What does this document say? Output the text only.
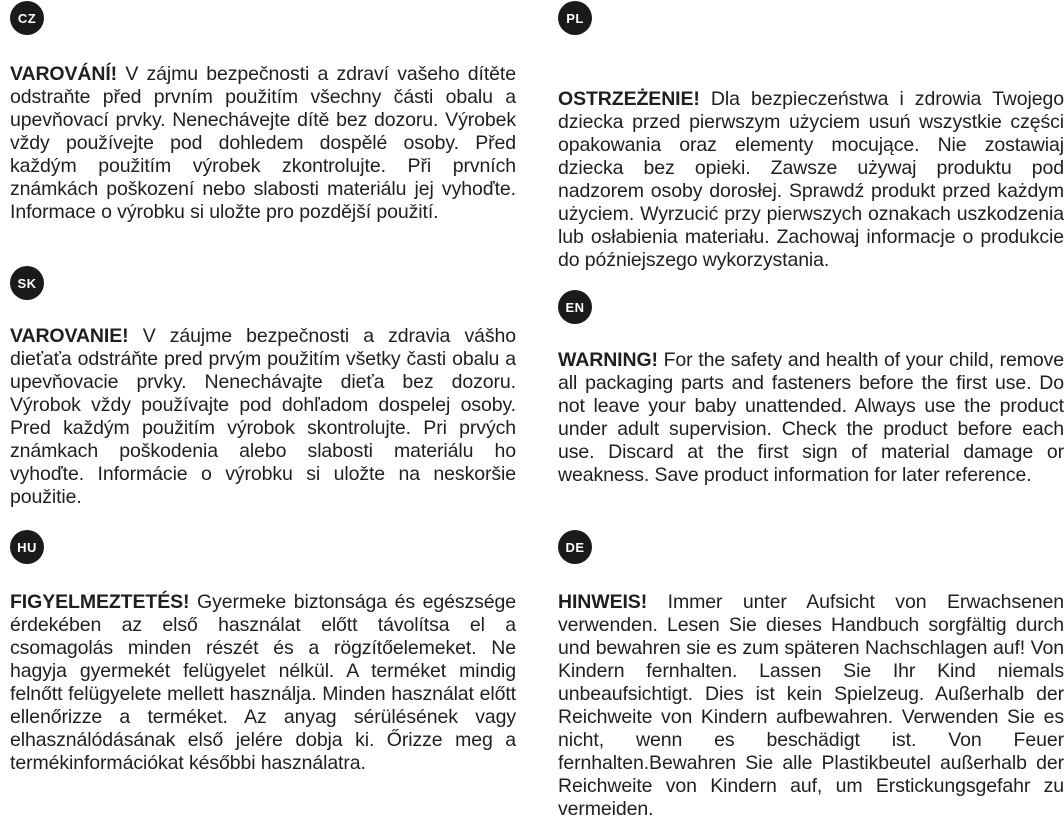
CZ
VAROVÁNÍ! V zájmu bezpečnosti a zdraví vašeho dítěte odstraňte před prvním použitím všechny části obalu a upevňovací prvky. Nenechávejte dítě bez dozoru. Výrobek vždy používejte pod dohledem dospělé osoby. Před každým použitím výrobek zkontrolujte. Při prvních známkách poškození nebo slabosti materiálu jej vyhoďte. Informace o výrobku si uložte pro pozdější použití.
SK
VAROVANIE! V záujme bezpečnosti a zdravia vášho dieťaťa odstráňte pred prvým použitím všetky časti obalu a upevňovacie prvky. Nenechávajte dieťa bez dozoru. Výrobok vždy používajte pod dohľadom dospelej osoby. Pred každým použitím výrobok skontrolujte. Pri prvých známkach poškodenia alebo slabosti materiálu ho vyhoďte. Informácie o výrobku si uložte na neskoršie použitie.
HU
FIGYELMEZTETÉS! Gyermeke biztonsága és egészsége érdekében az első használat előtt távolítsa el a csomagolás minden részét és a rögzítőelemeket. Ne hagyja gyermekét felügyelet nélkül. A terméket mindig felnőtt felügyelete mellett használja. Minden használat előtt ellenőrizze a terméket. Az anyag sérülésének vagy elhasználódásának első jelére dobja ki. Őrizze meg a termékinformációkat későbbi használatra.
PL
OSTRZEŻENIE! Dla bezpieczeństwa i zdrowia Twojego dziecka przed pierwszym użyciem usuń wszystkie części opakowania oraz elementy mocujące. Nie zostawiaj dziecka bez opieki. Zawsze używaj produktu pod nadzorem osoby dorosłej. Sprawdź produkt przed każdym użyciem. Wyrzucić przy pierwszych oznakach uszkodzenia lub osłabienia materiału. Zachowaj informacje o produkcie do późniejszego wykorzystania.
EN
WARNING! For the safety and health of your child, remove all packaging parts and fasteners before the first use. Do not leave your baby unattended. Always use the product under adult supervision. Check the product before each use. Discard at the first sign of material damage or weakness. Save product information for later reference.
DE
HINWEIS! Immer unter Aufsicht von Erwachsenen verwenden. Lesen Sie dieses Handbuch sorgfältig durch und bewahren sie es zum späteren Nachschlagen auf! Von Kindern fernhalten. Lassen Sie Ihr Kind niemals unbeaufsichtigt. Dies ist kein Spielzeug. Außerhalb der Reichweite von Kindern aufbewahren. Verwenden Sie es nicht, wenn es beschädigt ist. Von Feuer fernhalten.Bewahren Sie alle Plastikbeutel außerhalb der Reichweite von Kindern auf, um Erstickungsgefahr zu vermeiden.
